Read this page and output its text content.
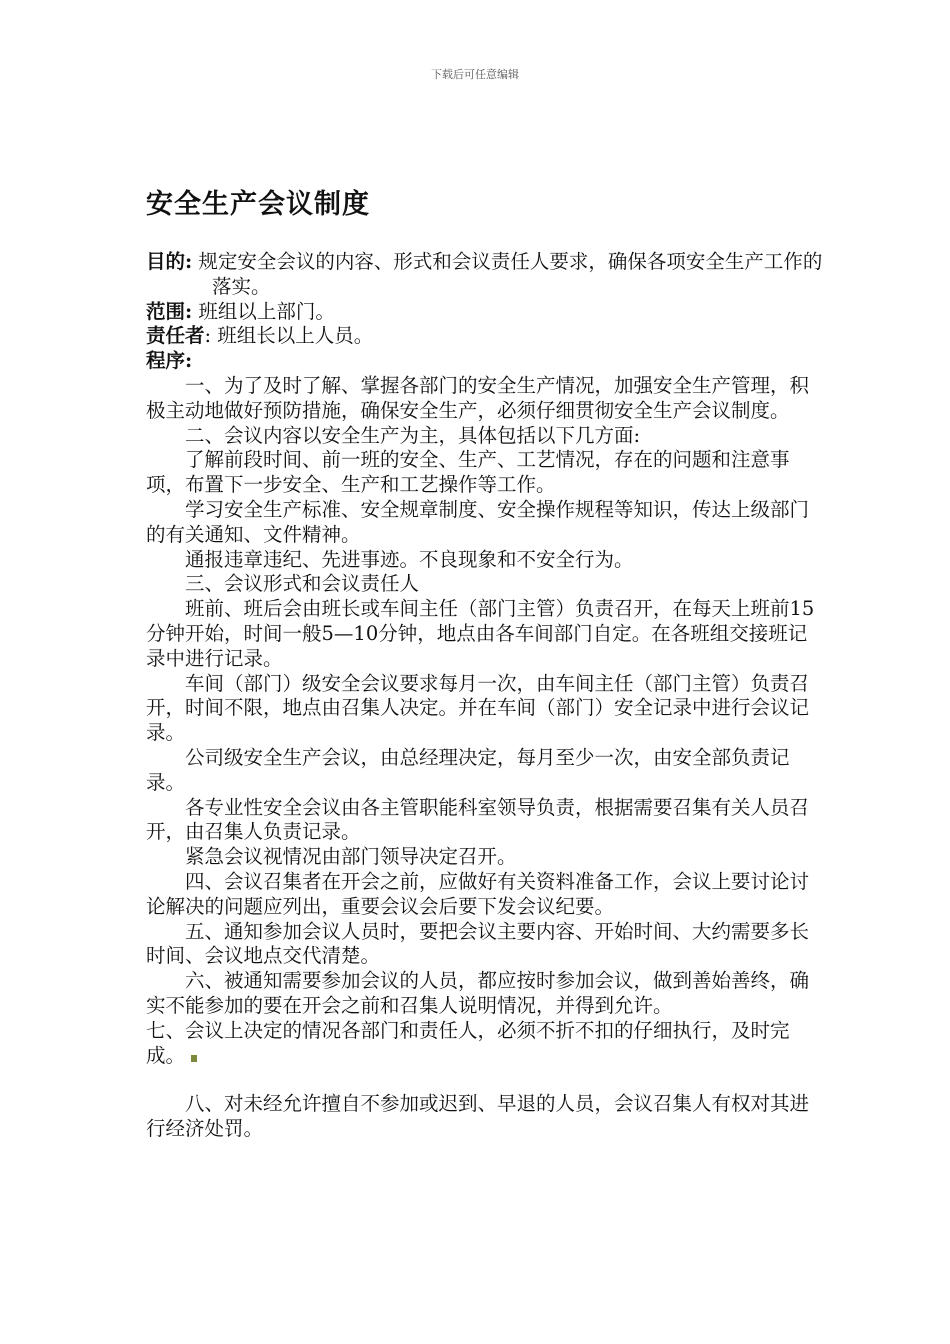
下载后可任意编辑
安全生产会议制度

目的: 规定安全会议的内容、形式和会议责任人要求，确保各项安全生产工作的落实。

范围: 班组以上部门。

责任者: 班组长以上人员。

程序:

一、为了及时了解、掌握各部门的安全生产情况，加强安全生产管理，积极主动地做好预防措施，确保安全生产，必须仔细贯彻安全生产会议制度。

二、会议内容以安全生产为主，具体包括以下几方面:

了解前段时间、前一班的安全、生产、工艺情况，存在的问题和注意事项，布置下一步安全、生产和工艺操作等工作。

学习安全生产标准、安全规章制度、安全操作规程等知识，传达上级部门的有关通知、文件精神。

通报违章违纪、先进事迹。不良现象和不安全行为。

三、会议形式和会议责任人

班前、班后会由班长或车间主任（部门主管）负责召开，在每天上班前15分钟开始，时间一般5—10分钟，地点由各车间部门自定。在各班组交接班记录中进行记录。

车间（部门）级安全会议要求每月一次，由车间主任（部门主管）负责召开，时间不限，地点由召集人决定。并在车间（部门）安全记录中进行会议记录。

公司级安全生产会议，由总经理决定，每月至少一次，由安全部负责记录。

各专业性安全会议由各主管职能科室领导负责，根据需要召集有关人员召开，由召集人负责记录。

紧急会议视情况由部门领导决定召开。

四、会议召集者在开会之前，应做好有关资料准备工作，会议上要讨论讨论解决的问题应列出，重要会议会后要下发会议纪要。

五、通知参加会议人员时，要把会议主要内容、开始时间、大约需要多长时间、会议地点交代清楚。

六、被通知需要参加会议的人员，都应按时参加会议，做到善始善终，确实不能参加的要在开会之前和召集人说明情况，并得到允许。

七、会议上决定的情况各部门和责任人，必须不折不扣的仔细执行，及时完成。

八、对未经允许擅自不参加或迟到、早退的人员，会议召集人有权对其进行经济处罚。
